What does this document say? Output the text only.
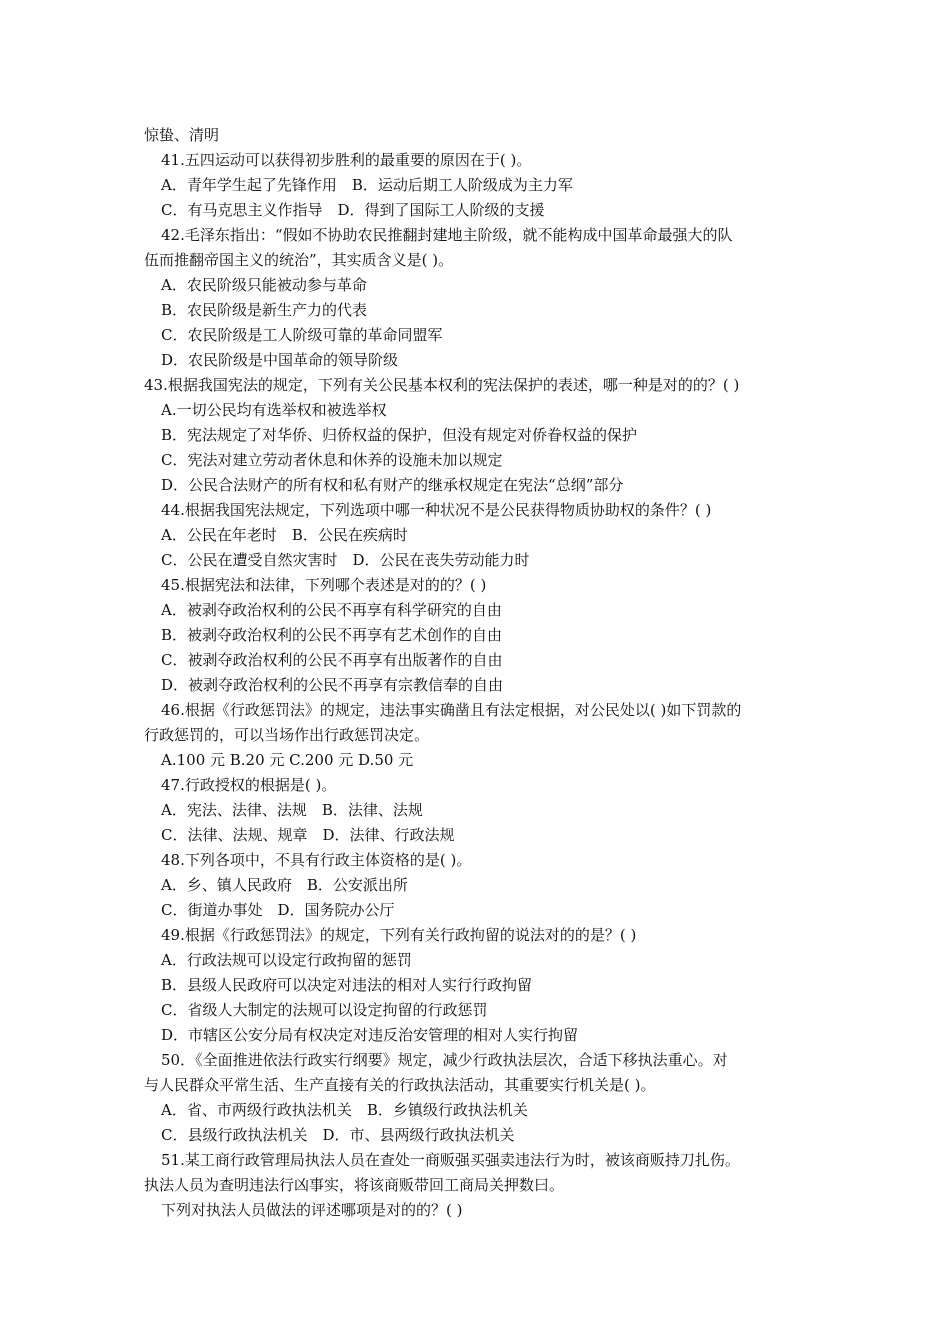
惊蛰、清明
41.五四运动可以获得初步胜利的最重要的原因在于( )。
A．青年学生起了先锋作用　B．运动后期工人阶级成为主力军
C．有马克思主义作指导　D．得到了国际工人阶级的支援
42.毛泽东指出：“假如不协助农民推翻封建地主阶级，就不能构成中国革命最强大的队
伍而推翻帝国主义的统治”，其实质含义是( )。
A．农民阶级只能被动参与革命
B．农民阶级是新生产力的代表
C．农民阶级是工人阶级可靠的革命同盟军
D．农民阶级是中国革命的领导阶级
43.根据我国宪法的规定，下列有关公民基本权利的宪法保护的表述，哪一种是对的的？( )
A.一切公民均有选举权和被选举权
B．宪法规定了对华侨、归侨权益的保护，但没有规定对侨眷权益的保护
C．宪法对建立劳动者休息和休养的设施未加以规定
D．公民合法财产的所有权和私有财产的继承权规定在宪法“总纲”部分
44.根据我国宪法规定，下列选项中哪一种状况不是公民获得物质协助权的条件？( )
A．公民在年老时　B．公民在疾病时
C．公民在遭受自然灾害时　D．公民在丧失劳动能力时
45.根据宪法和法律，下列哪个表述是对的的？( )
A．被剥夺政治权利的公民不再享有科学研究的自由
B．被剥夺政治权利的公民不再享有艺术创作的自由
C．被剥夺政治权利的公民不再享有出版著作的自由
D．被剥夺政治权利的公民不再享有宗教信奉的自由
46.根据《行政惩罚法》的规定，违法事实确凿且有法定根据，对公民处以( )如下罚款的
行政惩罚的，可以当场作出行政惩罚决定。
A.100 元 B.20 元 C.200 元 D.50 元
47.行政授权的根据是( )。
A．宪法、法律、法规　B．法律、法规
C．法律、法规、规章　D．法律、行政法规
48.下列各项中，不具有行政主体资格的是( )。
A．乡、镇人民政府　B．公安派出所
C．街道办事处　D．国务院办公厅
49.根据《行政惩罚法》的规定，下列有关行政拘留的说法对的的是？( )
A．行政法规可以设定行政拘留的惩罚
B．县级人民政府可以决定对违法的相对人实行行政拘留
C．省级人大制定的法规可以设定拘留的行政惩罚
D．市辖区公安分局有权决定对违反治安管理的相对人实行拘留
50．《全面推进依法行政实行纲要》规定，减少行政执法层次，合适下移执法重心。对
与人民群众平常生活、生产直接有关的行政执法活动，其重要实行机关是( )。
A．省、市两级行政执法机关　B．乡镇级行政执法机关
C．县级行政执法机关　D．市、县两级行政执法机关
51.某工商行政管理局执法人员在查处一商贩强买强卖违法行为时，被该商贩持刀扎伤。
执法人员为查明违法行凶事实，将该商贩带回工商局关押数曰。
下列对执法人员做法的评述哪项是对的的？( )
